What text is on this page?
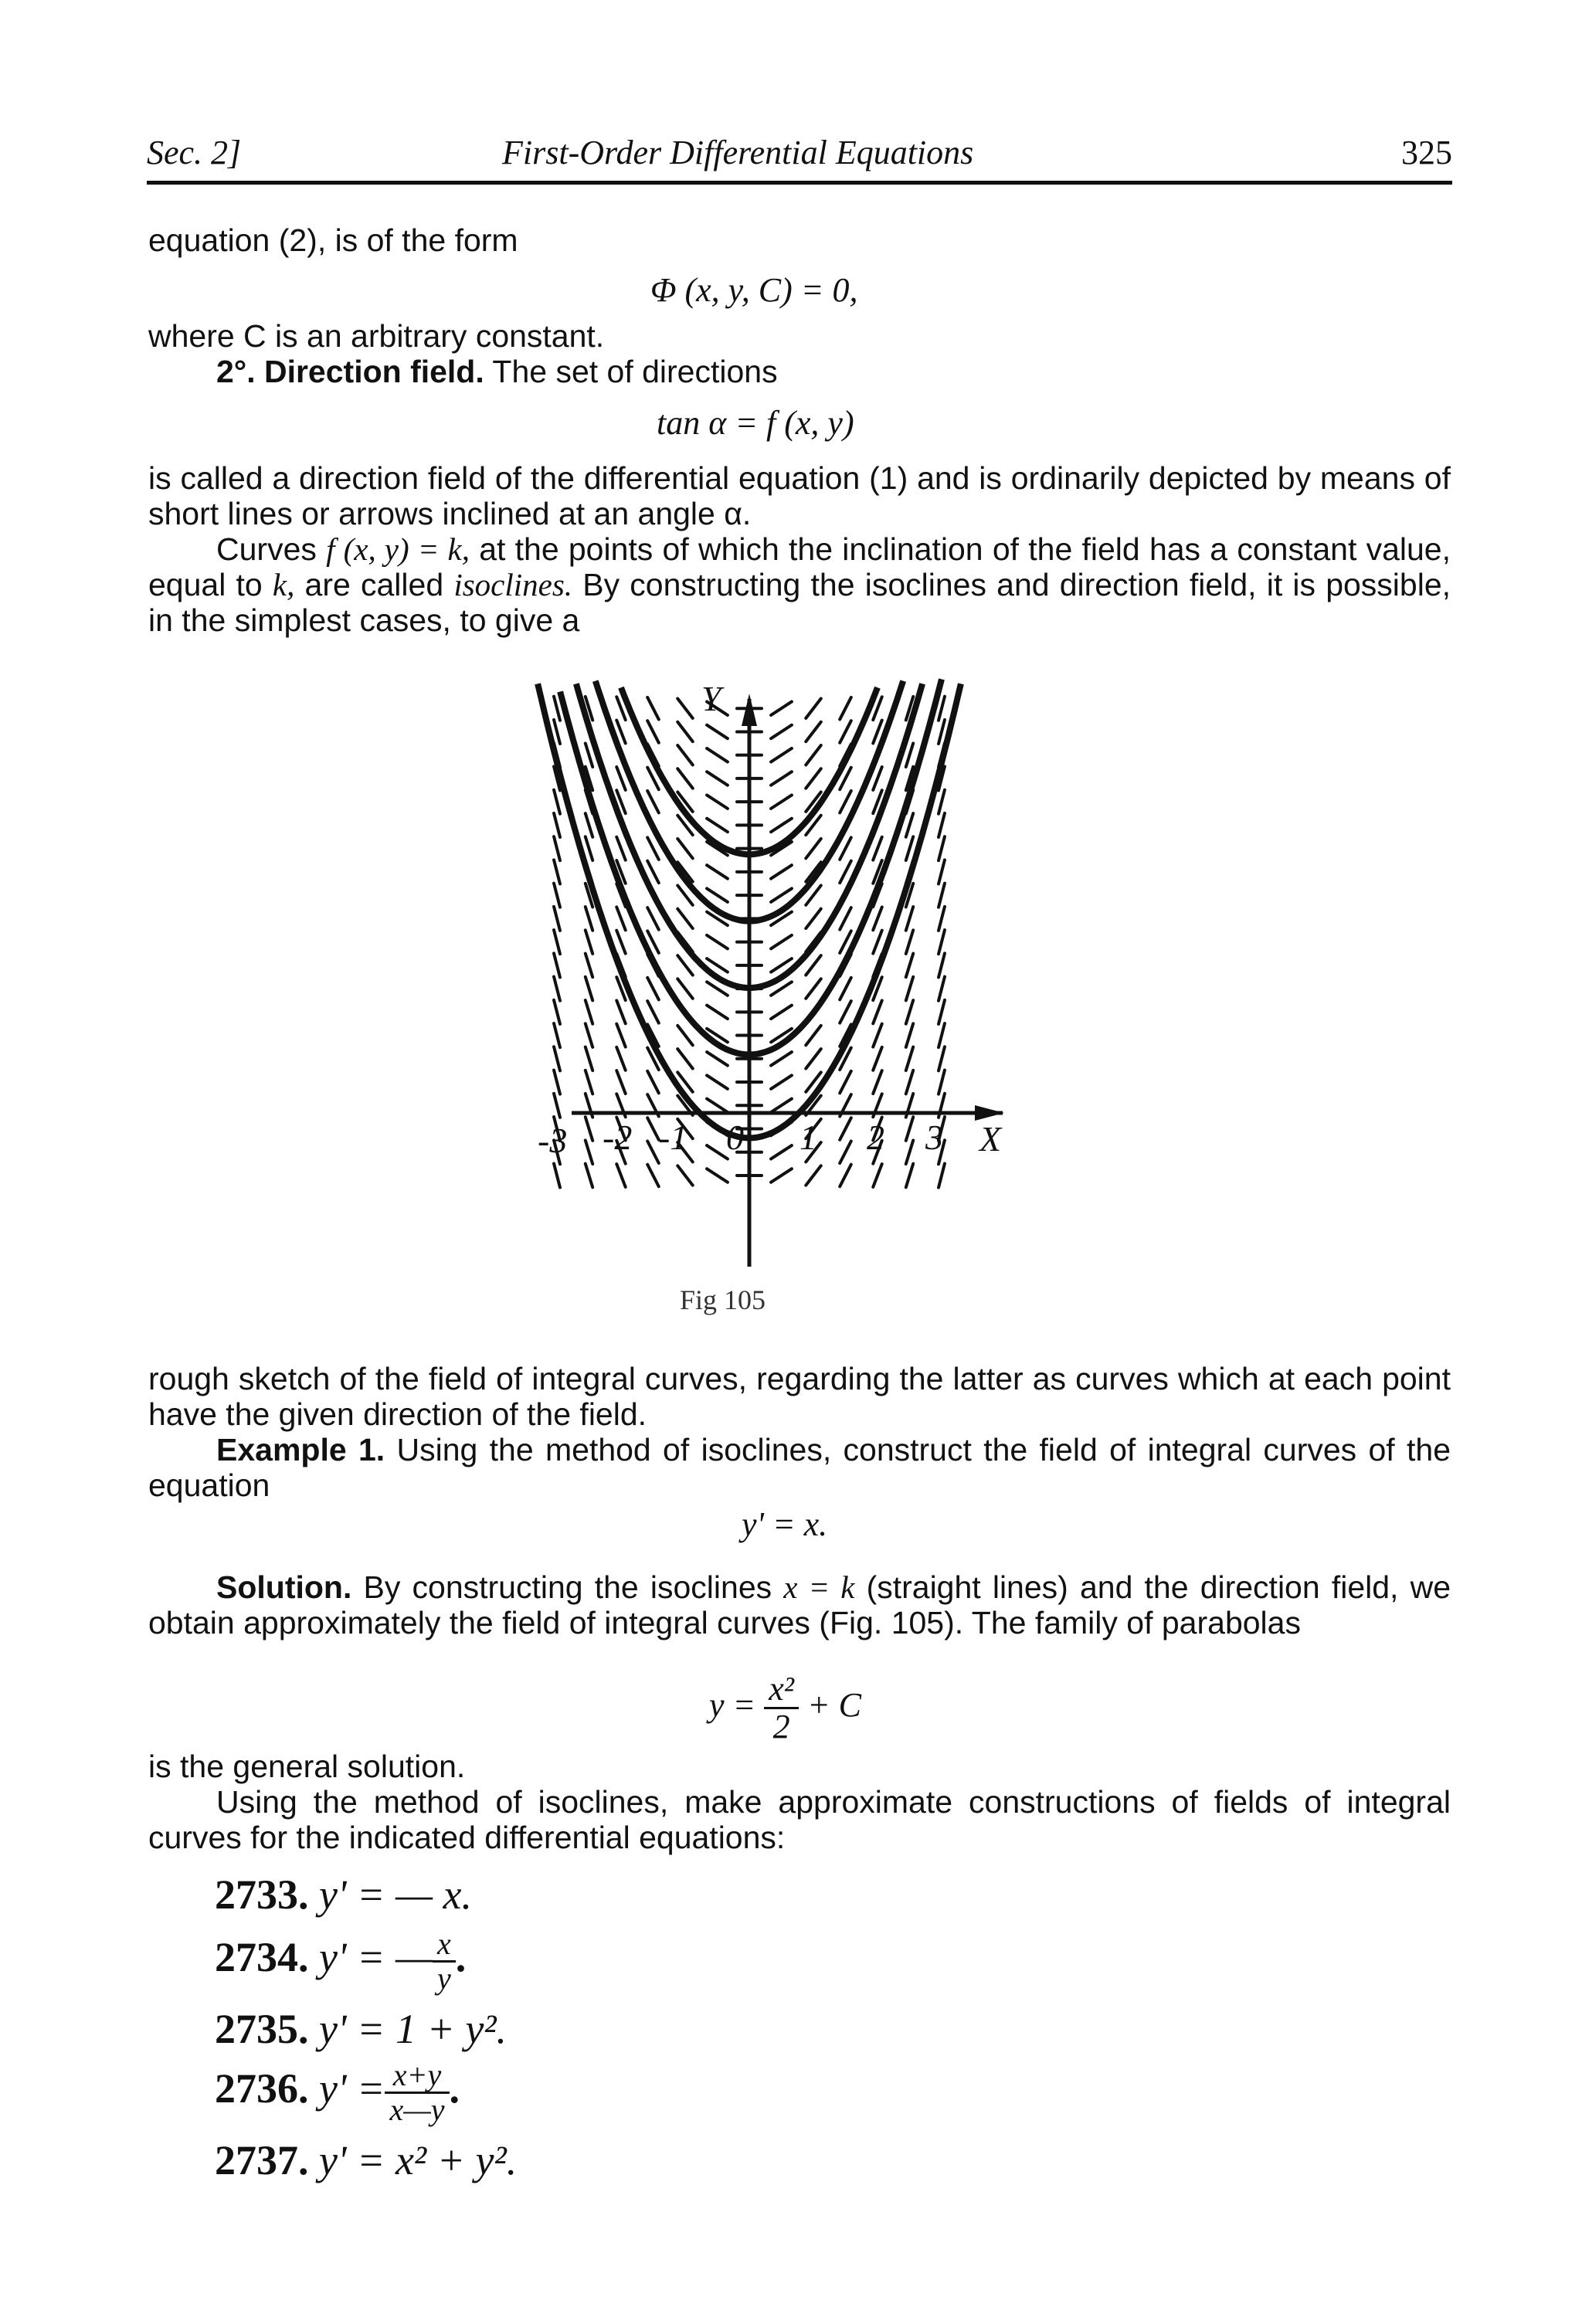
Sec. 2]	First-Order Differential Equations	325

equation (2), is of the form

Φ (x, y, C) = 0,

where C is an arbitrary constant.

2°. Direction field. The set of directions

tan α = f (x, y)

is called a direction field of the differential equation (1) and is ordinarily depicted by means of short lines or arrows inclined at an angle α.

Curves f (x, y) = k, at the points of which the inclination of the field has a constant value, equal to k, are called isoclines. By constructing the isoclines and direction field, it is possible, in the simplest cases, to give a

Y
X
-3 -2 -1 0 1 2 3
Fig 105

rough sketch of the field of integral curves, regarding the latter as curves which at each point have the given direction of the field.

Example 1. Using the method of isoclines, construct the field of integral curves of the equation

y' = x.

Solution. By constructing the isoclines x = k (straight lines) and the direction field, we obtain approximately the field of integral curves (Fig. 105). The family of parabolas

$y = \frac{\text{x²}}{2} + C$

is the general solution.

Using the method of isoclines, make approximate constructions of fields of integral curves for the indicated differential equations:

2733. y' = — x.
2734. y' = — $\frac{x}{y}$ .
2735. y' = 1 + y².
2736. $y' = \frac{x+y}{x—y}$ .
2737. y' = x² + y².
